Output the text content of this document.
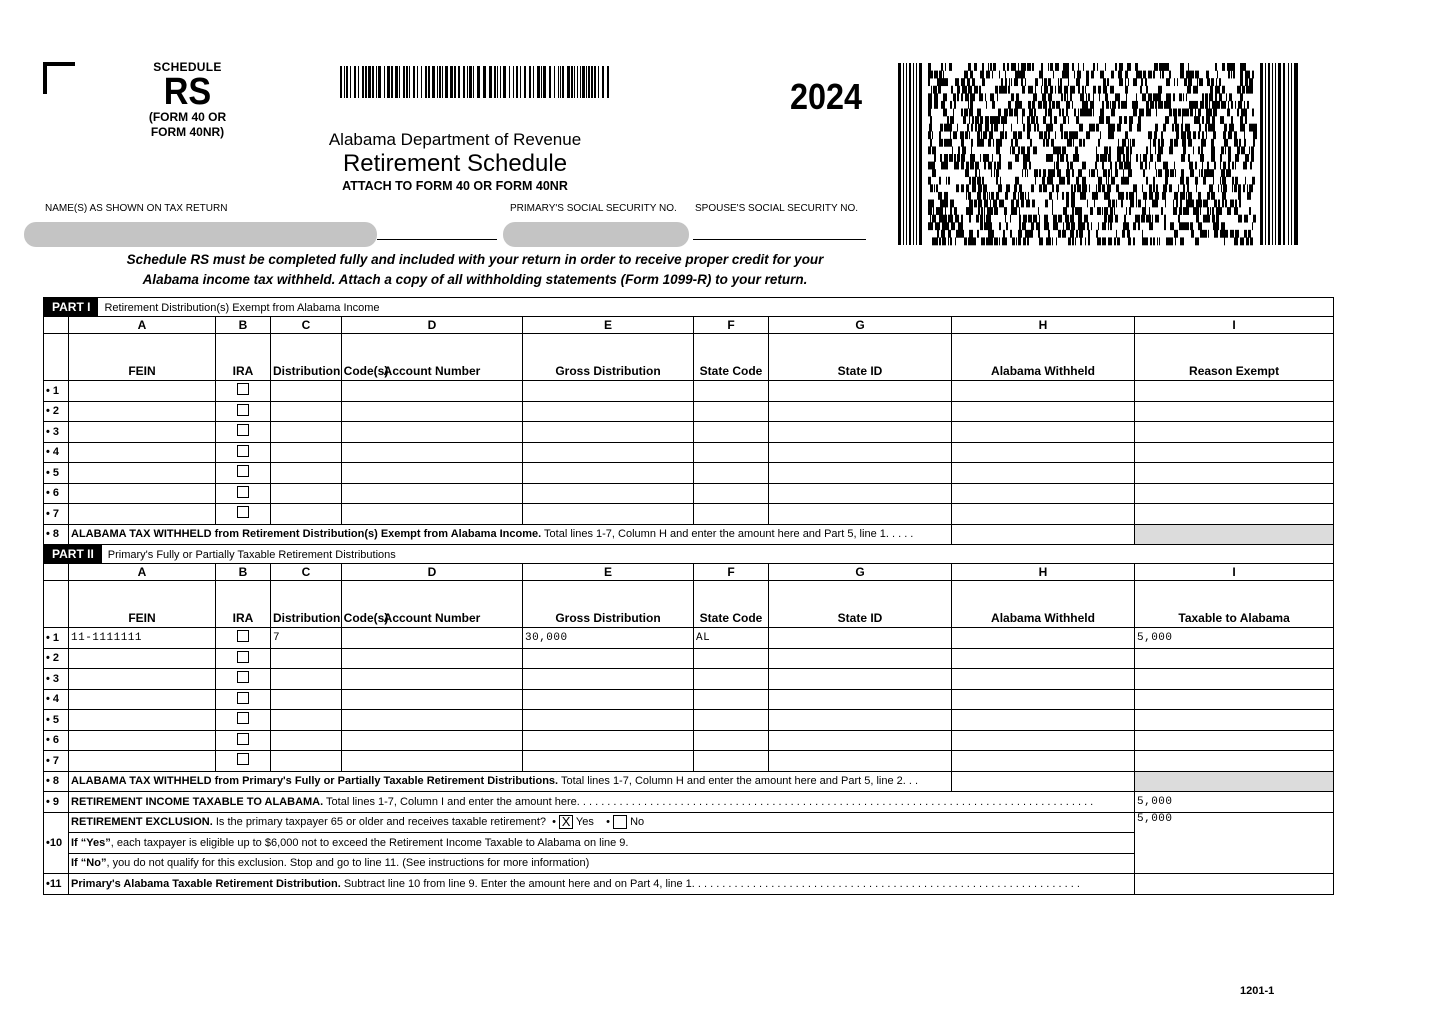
SCHEDULE
RS
(FORM 40 OR
FORM 40NR)
2024
Alabama Department of Revenue
Retirement Schedule
ATTACH TO FORM 40 OR FORM 40NR
NAME(S) AS SHOWN ON TAX RETURN	PRIMARY'S SOCIAL SECURITY NO. SPOUSE'S SOCIAL SECURITY NO.
Schedule RS must be completed fully and included with your return in order to receive proper credit for your
Alabama income tax withheld. Attach a copy of all withholding statements (Form 1099-R) to your return.
PART I Retirement Distribution(s) Exempt from Alabama Income									
	A	B	C	D	E	F	G	H	I
	FEIN	IRA	Distribution Code(s)	Account Number	Gross Distribution	State Code	State ID	Alabama Withheld	Reason Exempt
• 1									
• 2									
• 3									
• 4									
• 5									
• 6									
• 7									
• 8	ALABAMA TAX WITHHELD from Retirement Distribution(s) Exempt from Alabama Income. Total lines 1-7, Column H and enter the amount here and Part 5, line 1. . . . .								
PART II Primary's Fully or Partially Taxable Retirement Distributions									
	A	B	C	D	E	F	G	H	I
	FEIN	IRA	Distribution Code(s)	Account Number	Gross Distribution	State Code	State ID	Alabama Withheld	Taxable to Alabama
• 1	11-1111111		7		30,000	AL			5,000
• 2									
• 3									
• 4									
• 5									
• 6									
• 7									
• 8	ALABAMA TAX WITHHELD from Primary's Fully or Partially Taxable Retirement Distributions. Total lines 1-7, Column H and enter the amount here and Part 5, line 2. . .								
• 9	RETIREMENT INCOME TAXABLE TO ALABAMA. Total lines 1-7, Column I and enter the amount here. . . . . . . . . . . . . . . . . . . . . . . . . . . . . . . . . . . . . . . . . . . . . . . . . . . . . . . . . . . . . . . . . . . . . . . . . . . . . . . . . . . . .								5,000
•10	RETIREMENT EXCLUSION. Is the primary taxpayer 65 or older and receives taxable retirement?  • X Yes    •  No								5,000
	If “Yes”, each taxpayer is eligible up to $6,000 not to exceed the Retirement Income Taxable to Alabama on line 9.								
	If “No”, you do not qualify for this exclusion. Stop and go to line 11. (See instructions for more information)								
•11	Primary's Alabama Taxable Retirement Distribution. Subtract line 10 from line 9. Enter the amount here and on Part 4, line 1. . . . . . . . . . . . . . . . . . . . . . . . . . . . . . . . . . . . . . . . . . . . . . . . . . . . . . . . . . . . . . . .								
1201-1
